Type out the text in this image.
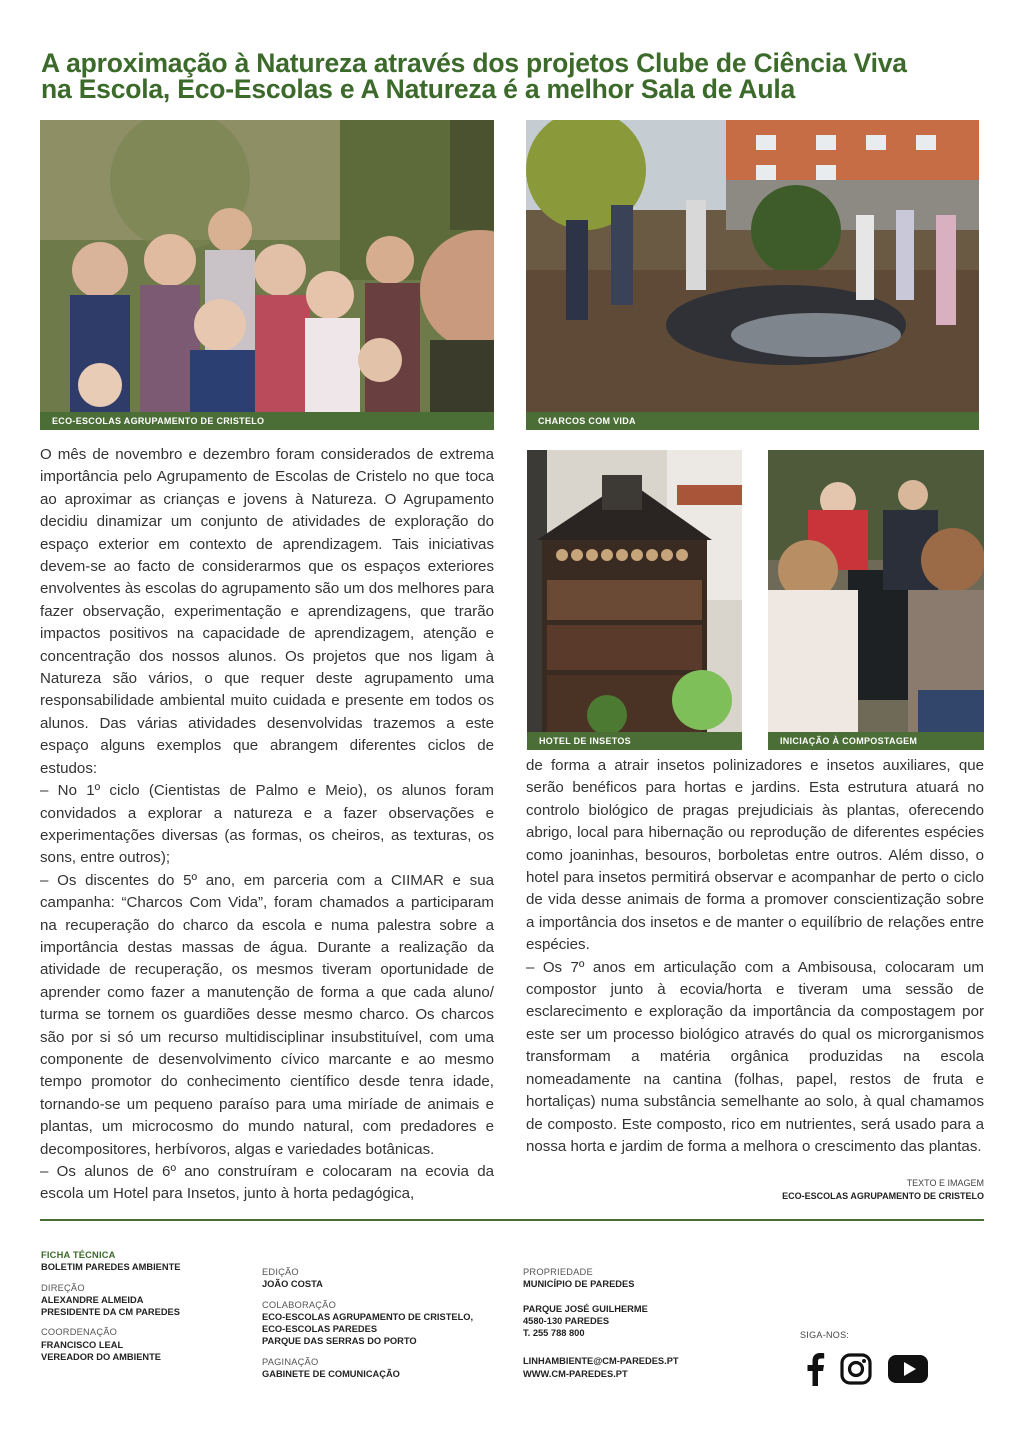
A aproximação à Natureza através dos projetos Clube de Ciência Viva
na Escola, Eco-Escolas e A Natureza é a melhor Sala de Aula
ECO-ESCOLAS AGRUPAMENTO DE CRISTELO	CHARCOS COM VIDA
HOTEL DE INSETOS	INICIAÇÃO À COMPOSTAGEM

O mês de novembro e dezembro foram considerados de extrema importância pelo Agrupamento de Escolas de Cristelo no que toca ao aproximar as crianças e jovens à Natureza. O Agrupamento decidiu dinamizar um conjunto de atividades de exploração do espaço exterior em contexto de aprendizagem. Tais iniciativas devem-se ao facto de considerarmos que os espaços exteriores envolventes às escolas do agrupamento são um dos melhores para fazer observação, experimentação e aprendizagens, que trarão impactos positivos na capacidade de aprendizagem, atenção e concentração dos nossos alunos. Os projetos que nos ligam à Natureza são vários, o que requer deste agrupamento uma responsabilidade ambiental muito cuidada e presente em todos os alunos. Das várias atividades desenvolvidas trazemos a este espaço alguns exemplos que abrangem diferentes ciclos de estudos:

– No 1º ciclo (Cientistas de Palmo e Meio), os alunos foram convidados a explorar a natureza e a fazer observações e experimentações diversas (as formas, os cheiros, as texturas, os sons, entre outros);

– Os discentes do 5º ano, em parceria com a CIIMAR e sua campanha: “Charcos Com Vida”, foram chamados a participaram na recuperação do charco da escola e numa palestra sobre a importância destas massas de água. Durante a realização da atividade de recuperação, os mesmos tiveram oportunidade de aprender como fazer a manutenção de forma a que cada aluno/ turma se tornem os guardiões desse mesmo charco. Os charcos são por si só um recurso multidisciplinar insubstituível, com uma componente de desenvolvimento cívico marcante e ao mesmo tempo promotor do conhecimento científico desde tenra idade, tornando-se um pequeno paraíso para uma miríade de animais e plantas, um microcosmo do mundo natural, com predadores e decompositores, herbívoros, algas e variedades botânicas.

– Os alunos de 6º ano construíram e colocaram na ecovia da escola um Hotel para Insetos, junto à horta pedagógica,

de forma a atrair insetos polinizadores e insetos auxiliares, que serão benéficos para hortas e jardins. Esta estrutura atuará no controlo biológico de pragas prejudiciais às plantas, oferecendo abrigo, local para hibernação ou reprodução de diferentes espécies como joaninhas, besouros, borboletas entre outros. Além disso, o hotel para insetos permitirá observar e acompanhar de perto o ciclo de vida desse animais de forma a promover conscientização sobre a importância dos insetos e de manter o equilíbrio de relações entre espécies.

– Os 7º anos em articulação com a Ambisousa, colocaram um compostor junto à ecovia/horta e tiveram uma sessão de esclarecimento e exploração da importância da compostagem por este ser um processo biológico através do qual os microrganismos transformam a matéria orgânica produzidas na escola nomeadamente na cantina (folhas, papel, restos de fruta e hortaliças) numa substância semelhante ao solo, à qual chamamos de composto. Este composto, rico em nutrientes, será usado para a nossa horta e jardim de forma a melhora o crescimento das plantas.

TEXTO E IMAGEM
ECO-ESCOLAS AGRUPAMENTO DE CRISTELO
FICHA TÉCNICA
BOLETIM PAREDES AMBIENTE
DIREÇÃO
ALEXANDRE ALMEIDA
PRESIDENTE DA CM PAREDES
COORDENAÇÃO
FRANCISCO LEAL
VEREADOR DO AMBIENTE
EDIÇÃO
JOÃO COSTA
COLABORAÇÃO
ECO-ESCOLAS AGRUPAMENTO DE CRISTELO,
ECO-ESCOLAS PAREDES
PARQUE DAS SERRAS DO PORTO
PAGINAÇÃO
GABINETE DE COMUNICAÇÃO
PROPRIEDADE
MUNICÍPIO DE PAREDES
PARQUE JOSÉ GUILHERME
4580-130 PAREDES
T. 255 788 800
LINHAMBIENTE@CM-PAREDES.PT
WWW.CM-PAREDES.PT
SIGA-NOS:
